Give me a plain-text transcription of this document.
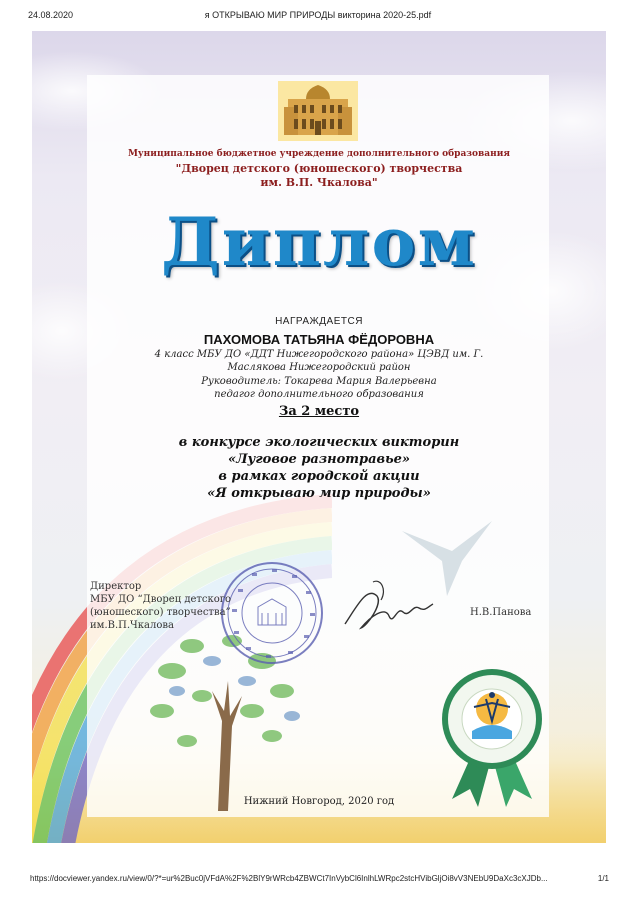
24.08.2020	я ОТКРЫВАЮ МИР ПРИРОДЫ викторина 2020-25.pdf
Муниципальное бюджетное учреждение дополнительного образования
"Дворец детского (юношеского) творчества
им. В.П. Чкалова"
Диплом
НАГРАЖДАЕТСЯ
ПАХОМОВА ТАТЬЯНА ФЁДОРОВНА
4 класс МБУ ДО «ДДТ Нижегородского района» ЦЭВД им. Г.
Маслякова Нижегородский район
Руководитель: Токарева Мария Валерьевна
педагог дополнительного образования
За 2 место
в конкурсе экологических викторин
«Луговое разнотравье»
в рамках городской акции
«Я открываю мир природы»
Директор
МБУ ДО “Дворец детского
(юношеского) творчества”
им.В.П.Чкалова
Н.В.Панова
Нижний Новгород, 2020 год
https://docviewer.yandex.ru/view/0/?*=ur%2Buc0jVFdA%2F%2BlY9rWRcb4ZBWCt7InVybCl6InlhLWRpc2stcHVibGljOi8vV3NEbU9DaXc3cXJDb...	1/1
